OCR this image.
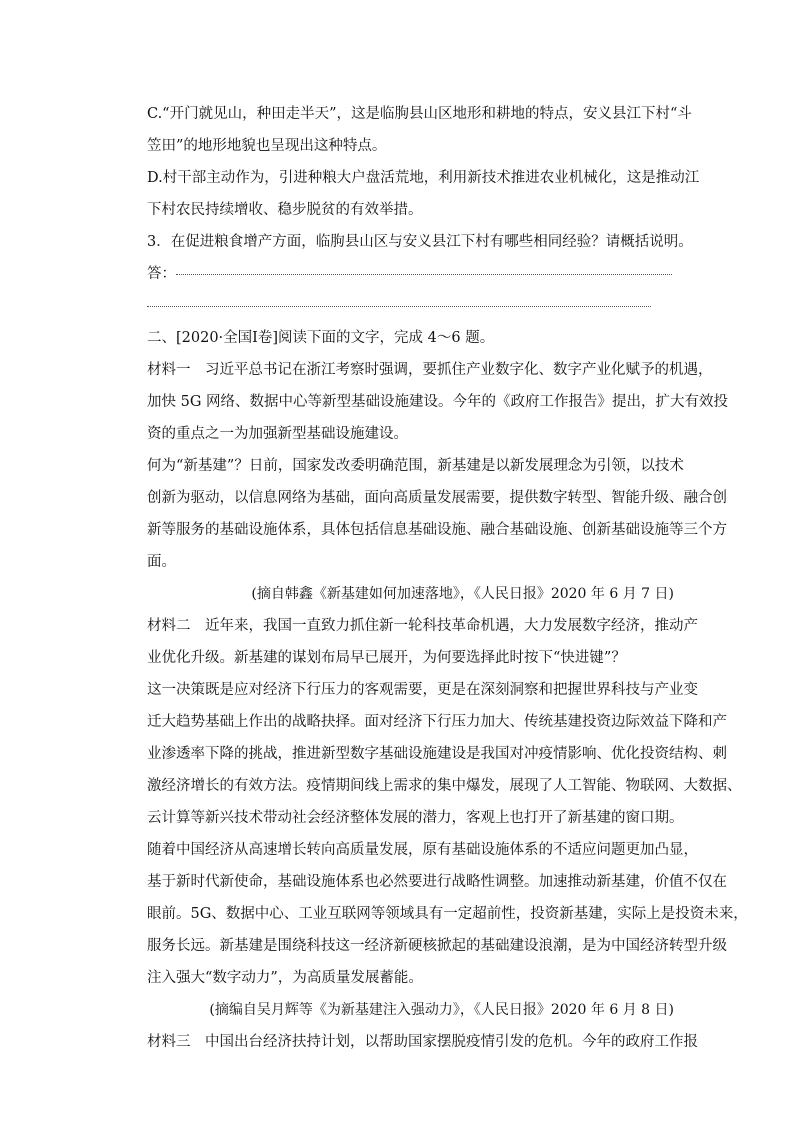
C.“开门就见山，种田走半天”，这是临朐县山区地形和耕地的特点，安义县江下村“斗
笠田”的地形地貌也呈现出这种特点。
D.村干部主动作为，引进种粮大户盘活荒地，利用新技术推进农业机械化，这是推动江
下村农民持续增收、稳步脱贫的有效举措。
3．在促进粮食增产方面，临朐县山区与安义县江下村有哪些相同经验？请概括说明。
答：
二、[2020·全国Ⅰ卷]阅读下面的文字，完成 4～6 题。
材料一　习近平总书记在浙江考察时强调，要抓住产业数字化、数字产业化赋予的机遇，
加快 5G 网络、数据中心等新型基础设施建设。今年的《政府工作报告》提出，扩大有效投
资的重点之一为加强新型基础设施建设。
何为“新基建”？日前，国家发改委明确范围，新基建是以新发展理念为引领，以技术
创新为驱动，以信息网络为基础，面向高质量发展需要，提供数字转型、智能升级、融合创
新等服务的基础设施体系，具体包括信息基础设施、融合基础设施、创新基础设施等三个方
面。
(摘自韩鑫《新基建如何加速落地》，《人民日报》2020 年 6 月 7 日)
材料二　近年来，我国一直致力抓住新一轮科技革命机遇，大力发展数字经济，推动产
业优化升级。新基建的谋划布局早已展开，为何要选择此时按下“快进键”？
这一决策既是应对经济下行压力的客观需要，更是在深刻洞察和把握世界科技与产业变
迁大趋势基础上作出的战略抉择。面对经济下行压力加大、传统基建投资边际效益下降和产
业渗透率下降的挑战，推进新型数字基础设施建设是我国对冲疫情影响、优化投资结构、刺
激经济增长的有效方法。疫情期间线上需求的集中爆发，展现了人工智能、物联网、大数据、
云计算等新兴技术带动社会经济整体发展的潜力，客观上也打开了新基建的窗口期。
随着中国经济从高速增长转向高质量发展，原有基础设施体系的不适应问题更加凸显，
基于新时代新使命，基础设施体系也必然要进行战略性调整。加速推动新基建，价值不仅在
眼前。5G、数据中心、工业互联网等领域具有一定超前性，投资新基建，实际上是投资未来，
服务长远。新基建是围绕科技这一经济新硬核掀起的基础建设浪潮，是为中国经济转型升级
注入强大“数字动力”，为高质量发展蓄能。
(摘编自吴月辉等《为新基建注入强动力》，《人民日报》2020 年 6 月 8 日)
材料三　中国出台经济扶持计划，以帮助国家摆脱疫情引发的危机。今年的政府工作报
